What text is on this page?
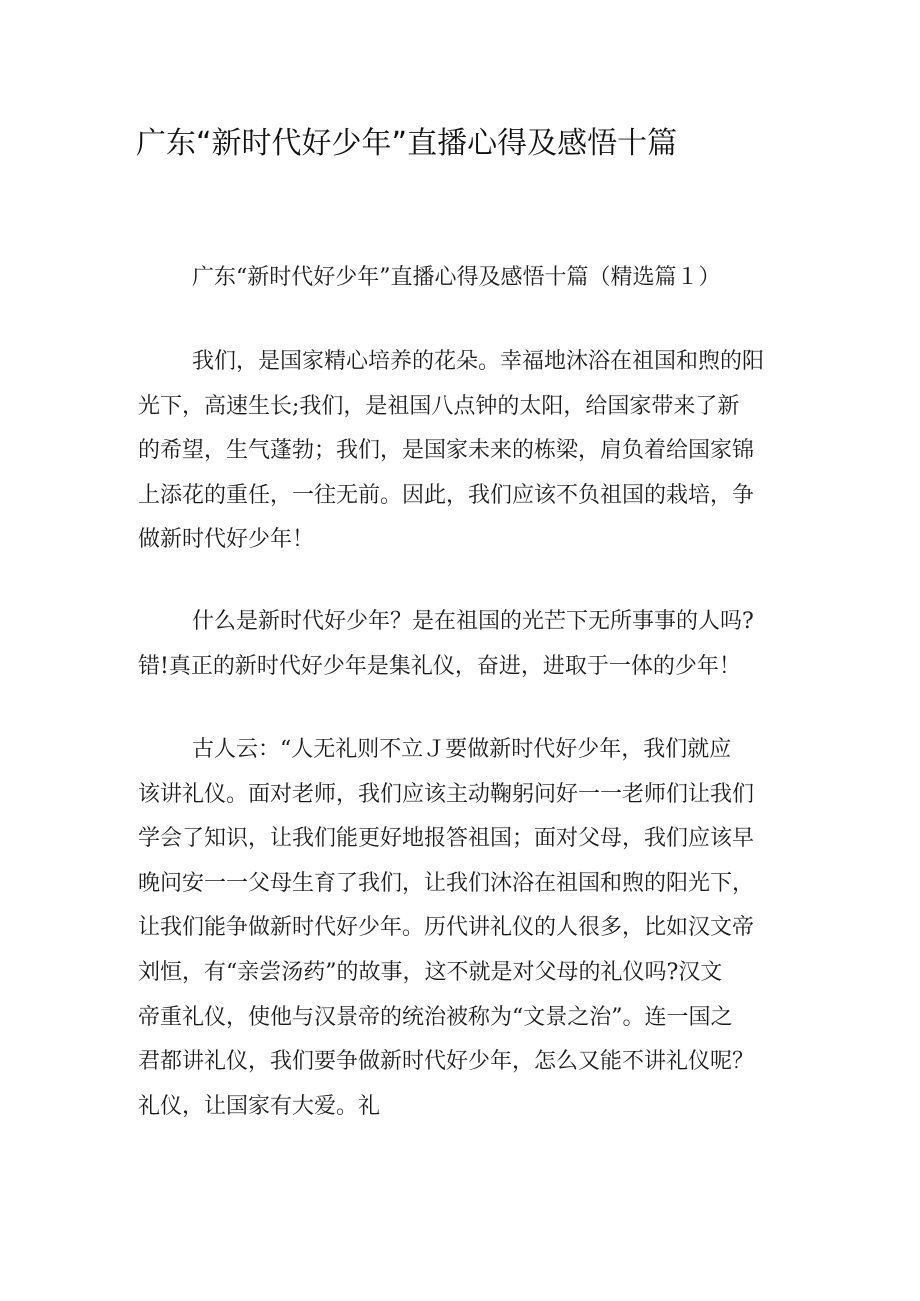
广东“新时代好少年”直播心得及感悟十篇

广东“新时代好少年”直播心得及感悟十篇（精选篇１）

我们，是国家精心培养的花朵。幸福地沐浴在祖国和煦的阳
光下，高速生长;我们，是祖国八点钟的太阳，给国家带来了新
的希望，生气蓬勃；我们，是国家未来的栋梁，肩负着给国家锦
上添花的重任，一往无前。因此，我们应该不负祖国的栽培，争
做新时代好少年！
什么是新时代好少年？是在祖国的光芒下无所事事的人吗?
错!真正的新时代好少年是集礼仪，奋进，进取于一体的少年！
古人云：“人无礼则不立Ｊ要做新时代好少年，我们就应
该讲礼仪。面对老师，我们应该主动鞠躬问好一一老师们让我们
学会了知识，让我们能更好地报答祖国；面对父母，我们应该早
晚问安一一父母生育了我们，让我们沐浴在祖国和煦的阳光下，
让我们能争做新时代好少年。历代讲礼仪的人很多，比如汉文帝
刘恒，有“亲尝汤药”的故事，这不就是对父母的礼仪吗?汉文
帝重礼仪，使他与汉景帝的统治被称为“文景之治”。连一国之
君都讲礼仪，我们要争做新时代好少年，怎么又能不讲礼仪呢？
礼仪，让国家有大爱。礼
